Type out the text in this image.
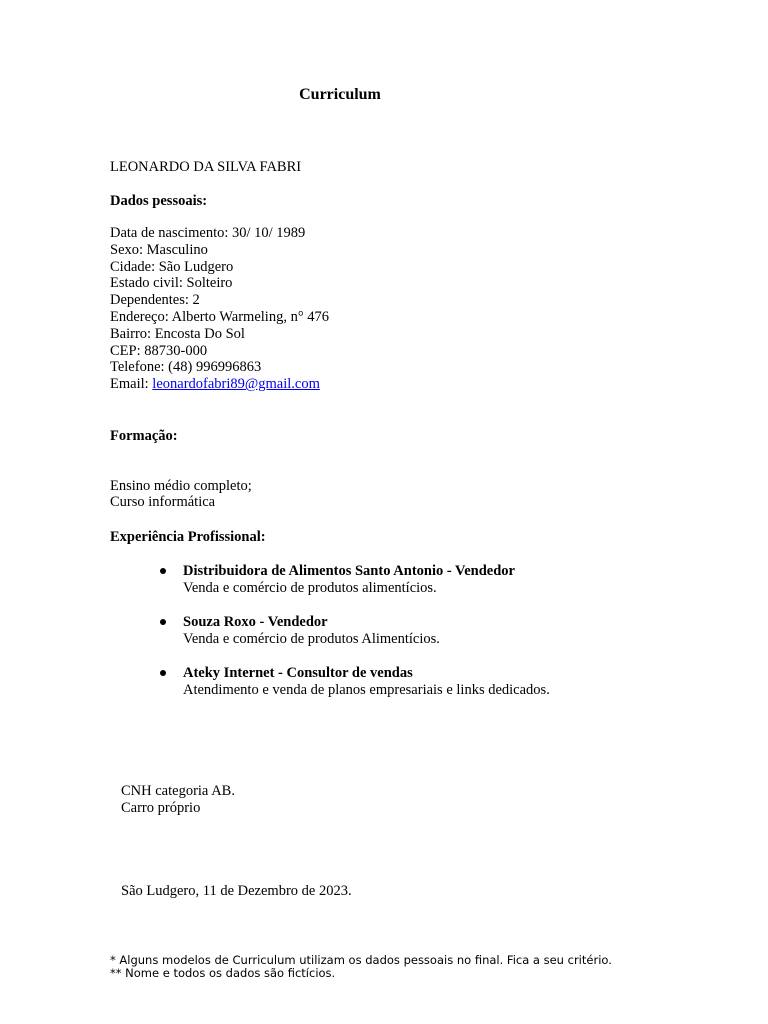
Curriculum
LEONARDO DA SILVA FABRI
Dados pessoais:
Data de nascimento: 30/ 10/ 1989
Sexo: Masculino
Cidade: São Ludgero
Estado civil: Solteiro
Dependentes: 2
Endereço: Alberto Warmeling, n° 476
Bairro: Encosta Do Sol
CEP: 88730-000
Telefone: (48) 996996863
Email: leonardofabri89@gmail.com
Formação:
Ensino médio completo;
Curso informática
Experiência Profissional:
Distribuidora de Alimentos Santo Antonio - Vendedor
Venda e comércio de produtos alimentícios.
Souza Roxo - Vendedor
Venda e comércio de produtos Alimentícios.
Ateky Internet - Consultor de vendas
Atendimento e venda de planos empresariais e links dedicados.
CNH categoria AB.
Carro próprio
São Ludgero, 11 de Dezembro de 2023.
* Alguns modelos de Curriculum utilizam os dados pessoais no final. Fica a seu critério.
** Nome e todos os dados são fictícios.
